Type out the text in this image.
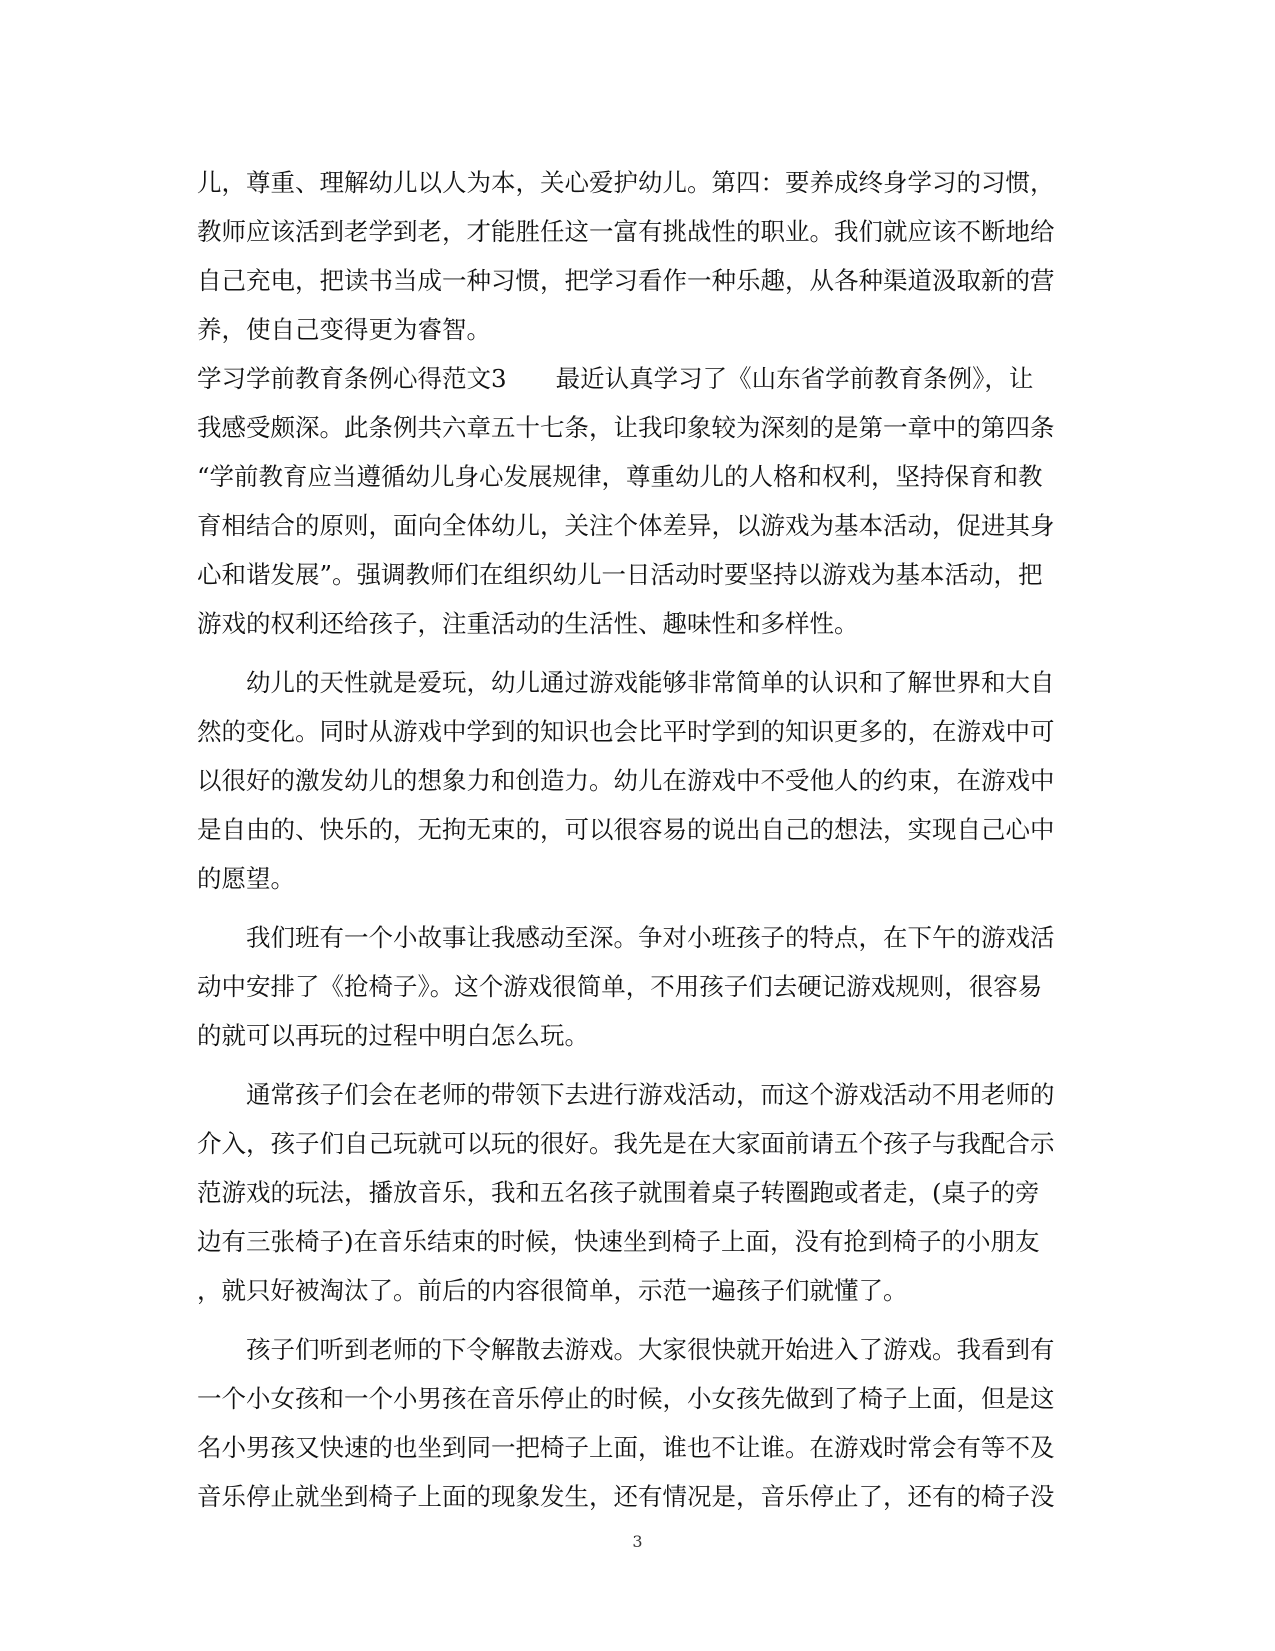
儿，尊重、理解幼儿以人为本，关心爱护幼儿。第四：要养成终身学习的习惯，
教师应该活到老学到老，才能胜任这一富有挑战性的职业。我们就应该不断地给
自己充电，把读书当成一种习惯，把学习看作一种乐趣，从各种渠道汲取新的营
养，使自己变得更为睿智。
学习学前教育条例心得范文3　　最近认真学习了《山东省学前教育条例》，让
我感受颇深。此条例共六章五十七条，让我印象较为深刻的是第一章中的第四条
“学前教育应当遵循幼儿身心发展规律，尊重幼儿的人格和权利，坚持保育和教
育相结合的原则，面向全体幼儿，关注个体差异，以游戏为基本活动，促进其身
心和谐发展”。强调教师们在组织幼儿一日活动时要坚持以游戏为基本活动，把
游戏的权利还给孩子，注重活动的生活性、趣味性和多样性。
　　幼儿的天性就是爱玩，幼儿通过游戏能够非常简单的认识和了解世界和大自
然的变化。同时从游戏中学到的知识也会比平时学到的知识更多的，在游戏中可
以很好的激发幼儿的想象力和创造力。幼儿在游戏中不受他人的约束，在游戏中
是自由的、快乐的，无拘无束的，可以很容易的说出自己的想法，实现自己心中
的愿望。
　　我们班有一个小故事让我感动至深。争对小班孩子的特点，在下午的游戏活
动中安排了《抢椅子》。这个游戏很简单，不用孩子们去硬记游戏规则，很容易
的就可以再玩的过程中明白怎么玩。
　　通常孩子们会在老师的带领下去进行游戏活动，而这个游戏活动不用老师的
介入，孩子们自己玩就可以玩的很好。我先是在大家面前请五个孩子与我配合示
范游戏的玩法，播放音乐，我和五名孩子就围着桌子转圈跑或者走，(桌子的旁
边有三张椅子)在音乐结束的时候，快速坐到椅子上面，没有抢到椅子的小朋友
，就只好被淘汰了。前后的内容很简单，示范一遍孩子们就懂了。
　　孩子们听到老师的下令解散去游戏。大家很快就开始进入了游戏。我看到有
一个小女孩和一个小男孩在音乐停止的时候，小女孩先做到了椅子上面，但是这
名小男孩又快速的也坐到同一把椅子上面，谁也不让谁。在游戏时常会有等不及
音乐停止就坐到椅子上面的现象发生，还有情况是，音乐停止了，还有的椅子没
3
